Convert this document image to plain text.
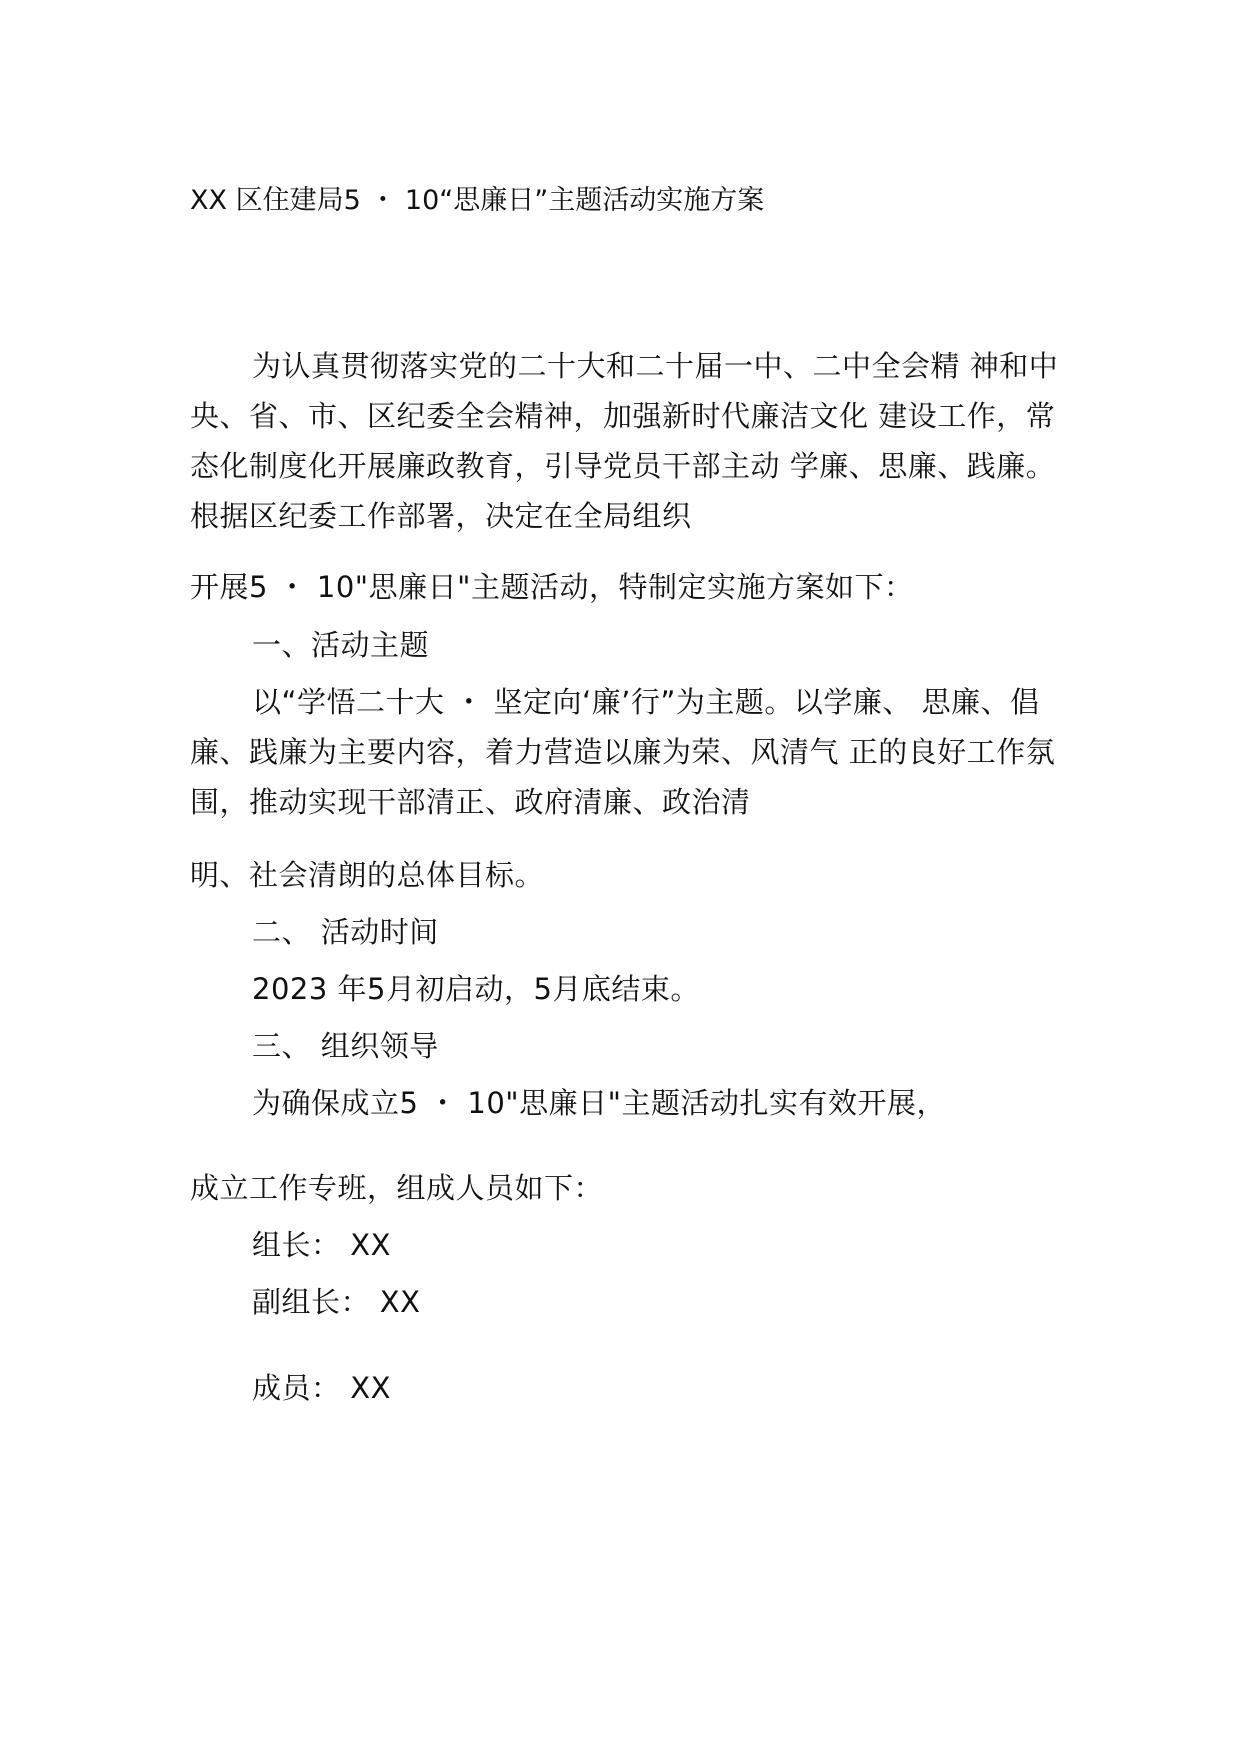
XX 区住建局5 ・ 10“思廉日”主题活动实施方案
为认真贯彻落实党的二十大和二十届一中、二中全会精 神和中
央、省、市、区纪委全会精神，加强新时代廉洁文化 建设工作，常
态化制度化开展廉政教育，引导党员干部主动 学廉、思廉、践廉。
根据区纪委工作部署，决定在全局组织
开展5 ・ 10"思廉日"主题活动，特制定实施方案如下：
一、活动主题
以“学悟二十大 ・ 坚定向‘廉’行”为主题。以学廉、 思廉、倡
廉、践廉为主要内容，着力营造以廉为荣、风清气 正的良好工作氛
围，推动实现干部清正、政府清廉、政治清
明、社会清朗的总体目标。
二、 活动时间
2023 年5月初启动，5月底结束。
三、 组织领导
为确保成立5 ・ 10"思廉日"主题活动扎实有效开展，
成立工作专班，组成人员如下：
组长： XX
副组长： XX
成员： XX
